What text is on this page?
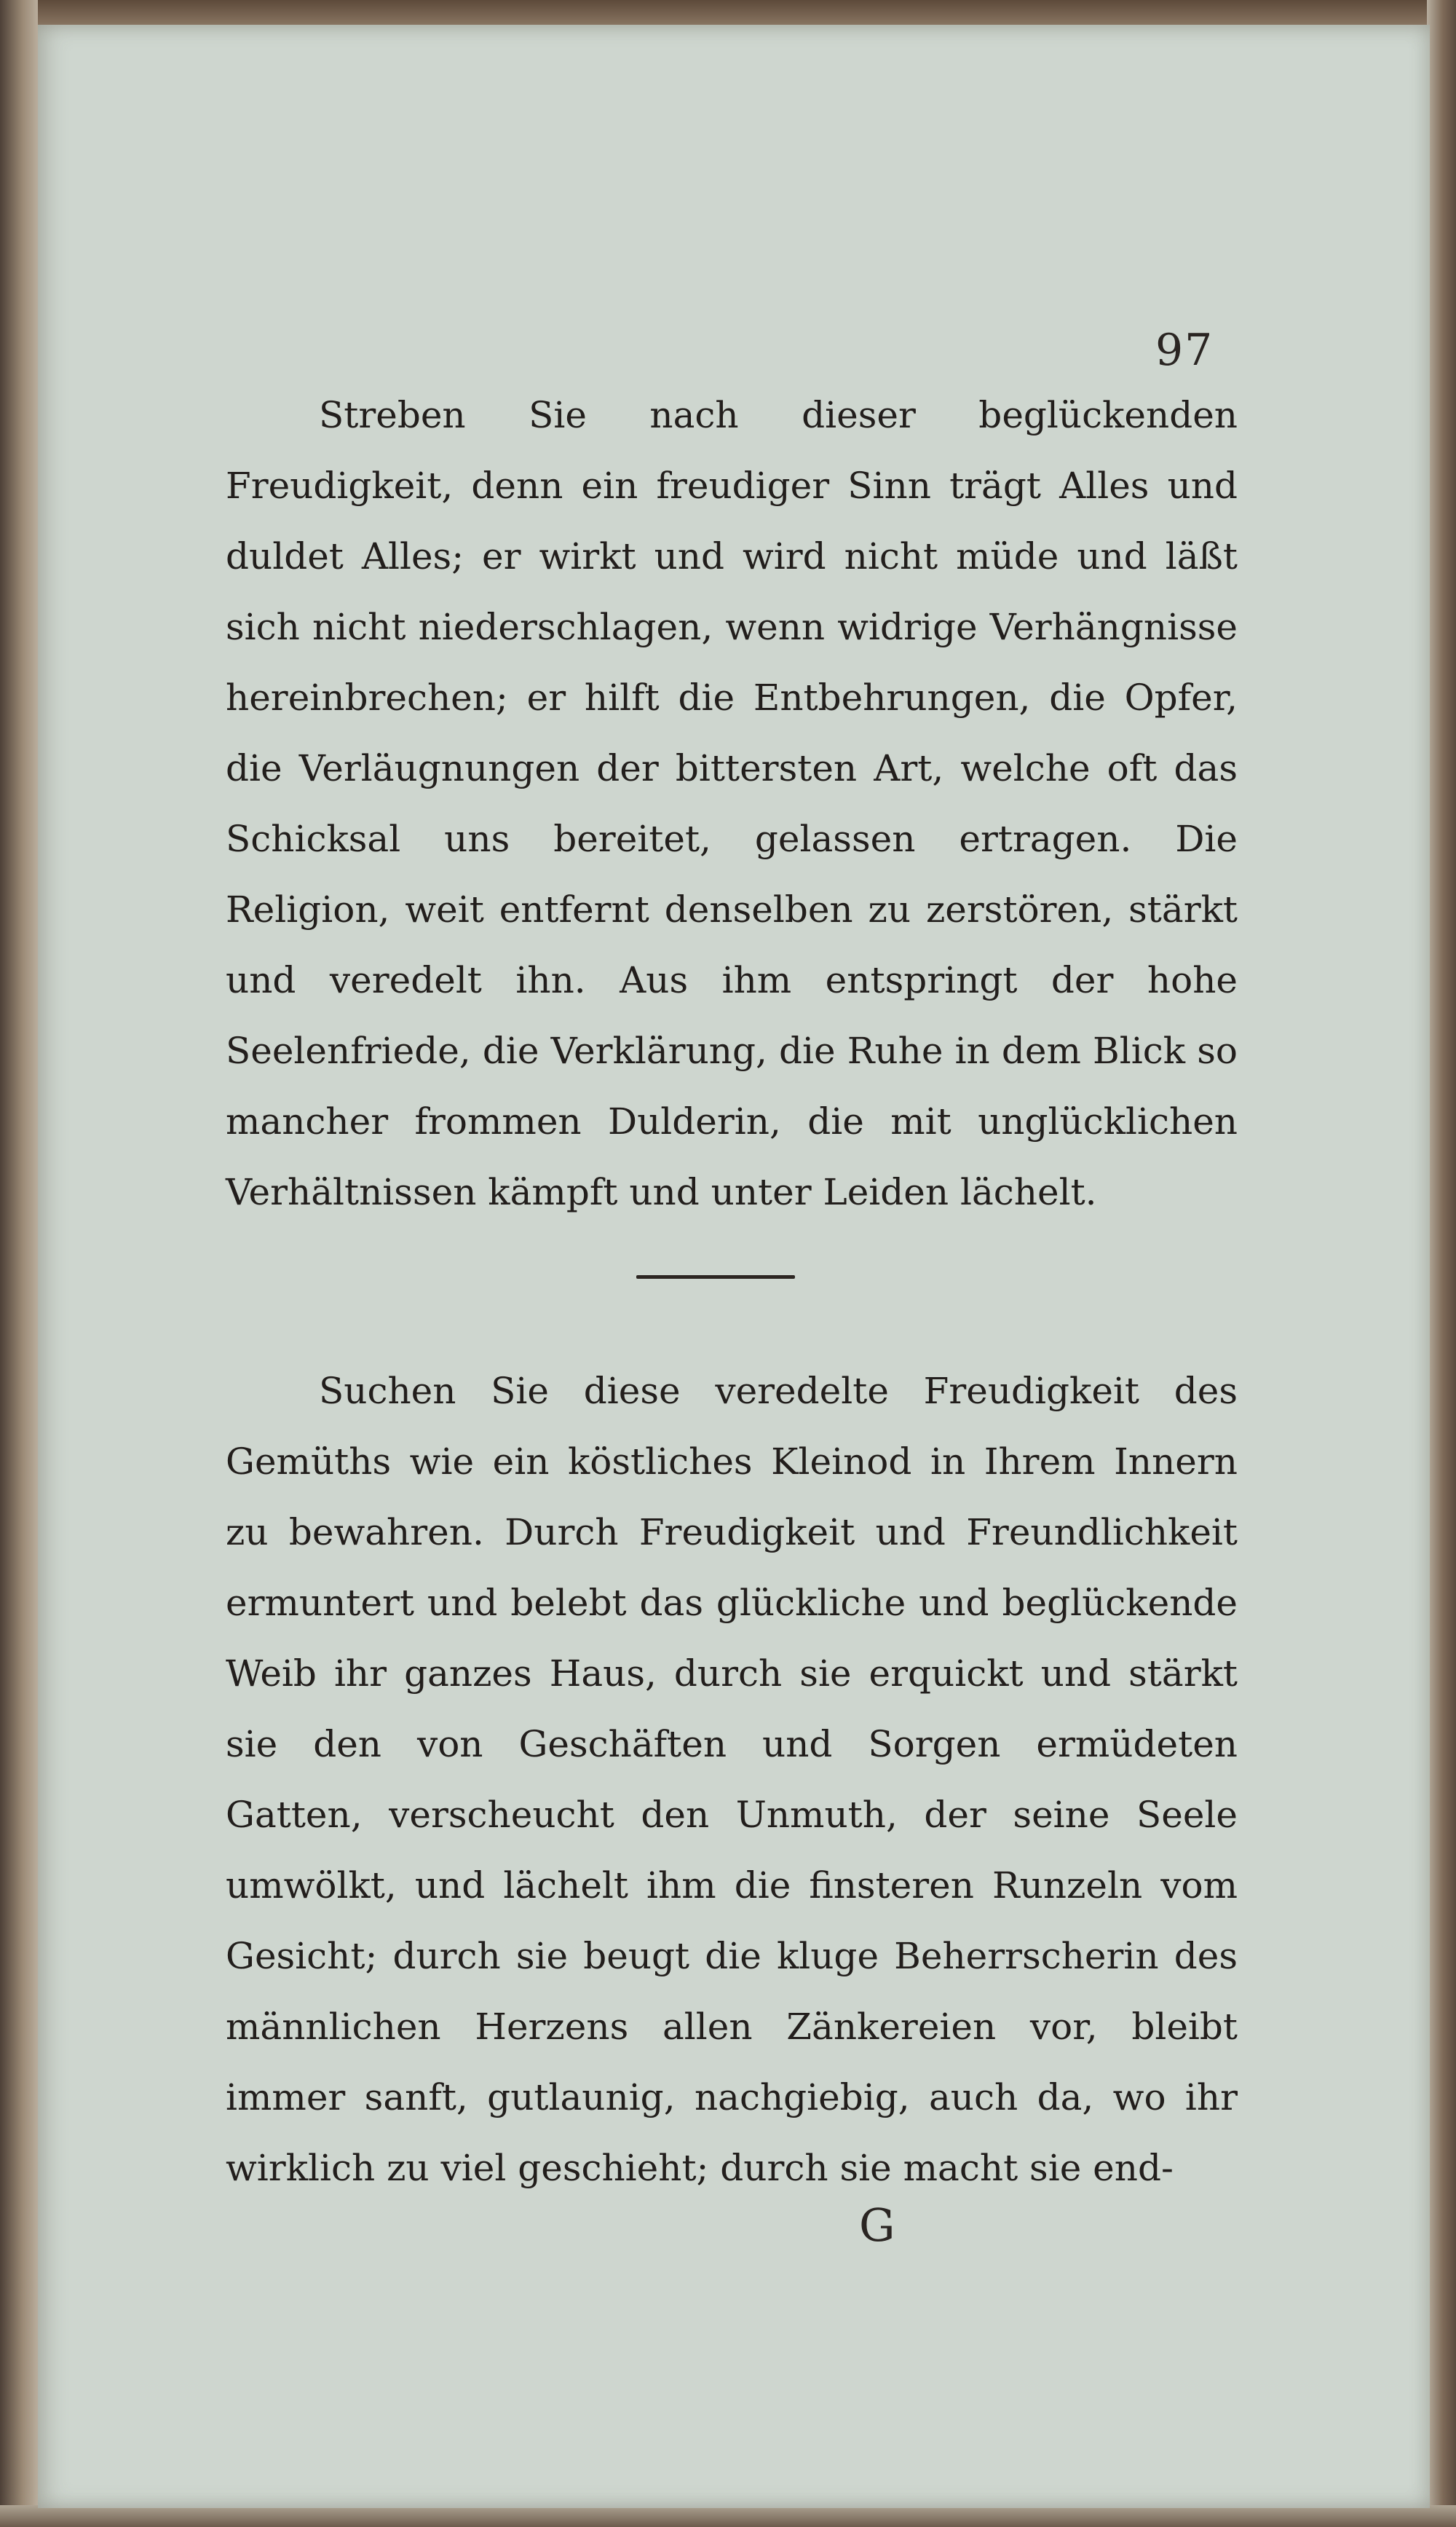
97

Streben Sie nach dieser beglückenden Freudigkeit, denn ein freudiger Sinn trägt Alles und duldet Alles; er wirkt und wird nicht müde und läßt sich nicht niederschlagen, wenn widrige Verhängnisse hereinbrechen; er hilft die Entbehrungen, die Opfer, die Verläugnungen der bittersten Art, welche oft das Schicksal uns bereitet, gelassen ertragen. Die Religion, weit entfernt denselben zu zerstören, stärkt und veredelt ihn. Aus ihm entspringt der hohe Seelenfriede, die Verklärung, die Ruhe in dem Blick so mancher frommen Dulderin, die mit unglücklichen Verhältnissen kämpft und unter Leiden lächelt.

Suchen Sie diese veredelte Freudigkeit des Gemüths wie ein köstliches Kleinod in Ihrem Innern zu bewahren. Durch Freudigkeit und Freundlichkeit ermuntert und belebt das glückliche und beglückende Weib ihr ganzes Haus, durch sie erquickt und stärkt sie den von Geschäften und Sorgen ermüdeten Gatten, verscheucht den Unmuth, der seine Seele umwölkt, und lächelt ihm die finsteren Runzeln vom Gesicht; durch sie beugt die kluge Beherrscherin des männlichen Herzens allen Zänkereien vor, bleibt immer sanft, gutlaunig, nachgiebig, auch da, wo ihr wirklich zu viel geschieht; durch sie macht sie end-

G
